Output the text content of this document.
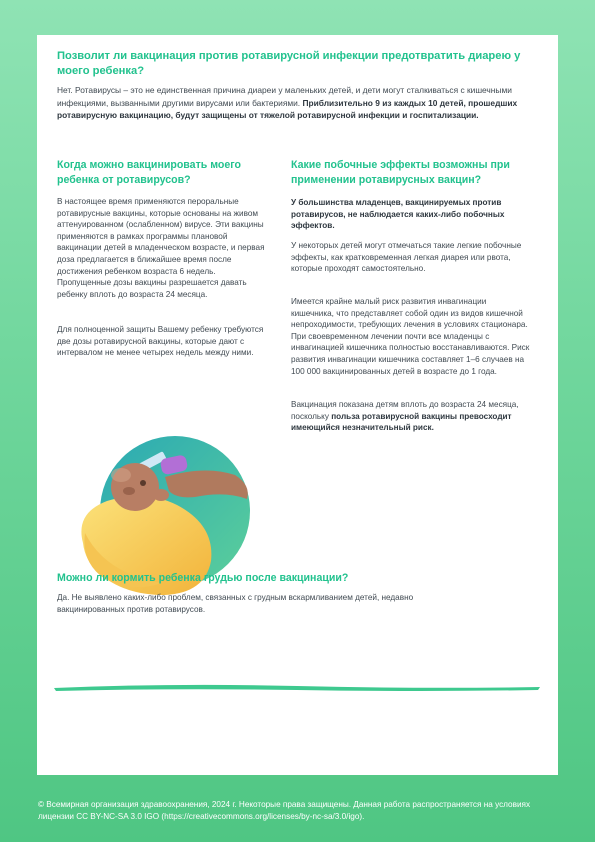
Позволит ли вакцинация против ротавирусной инфекции предотвратить диарею у моего ребенка?

Нет. Ротавирусы – это не единственная причина диареи у маленьких детей, и дети могут сталкиваться с кишечными инфекциями, вызванными другими вирусами или бактериями. Приблизительно 9 из каждых 10 детей, прошедших ротавирусную вакцинацию, будут защищены от тяжелой ротавирусной инфекции и госпитализации.

Когда можно вакцинировать моего ребенка от ротавирусов?

В настоящее время применяются пероральные ротавирусные вакцины, которые основаны на живом аттенуированном (ослабленном) вирусе. Эти вакцины применяются в рамках программы плановой вакцинации детей в младенческом возрасте, и первая доза предлагается в ближайшее время после достижения ребенком возраста 6 недель. Пропущенные дозы вакцины разрешается давать ребенку вплоть до возраста 24 месяца.

Для полноценной защиты Вашему ребенку требуются две дозы ротавирусной вакцины, которые дают с интервалом не менее четырех недель между ними.

Какие побочные эффекты возможны при применении ротавирусных вакцин?

У большинства младенцев, вакцинируемых против ротавирусов, не наблюдается каких-либо побочных эффектов.

У некоторых детей могут отмечаться такие легкие побочные эффекты, как кратковременная легкая диарея или рвота, которые проходят самостоятельно.

Имеется крайне малый риск развития инвагинации кишечника, что представляет собой один из видов кишечной непроходимости, требующих лечения в условиях стационара. При своевременном лечении почти все младенцы с инвагинацией кишечника полностью восстанавливаются. Риск развития инвагинации кишечника составляет 1–6 случаев на 100 000 вакцинированных детей в возрасте до 1 года.

Вакцинация показана детям вплоть до возраста 24 месяца, поскольку польза ротавирусной вакцины превосходит имеющийся незначительный риск.

Можно ли кормить ребенка грудью после вакцинации?

Да. Не выявлено каких-либо проблем, связанных с грудным вскармливанием детей, недавно вакцинированных против ротавирусов.

© Всемирная организация здравоохранения, 2024 г. Некоторые права защищены. Данная работа распространяется на условиях лицензии CC BY-NC-SA 3.0 IGO (https://creativecommons.org/licenses/by-nc-sa/3.0/igo).
